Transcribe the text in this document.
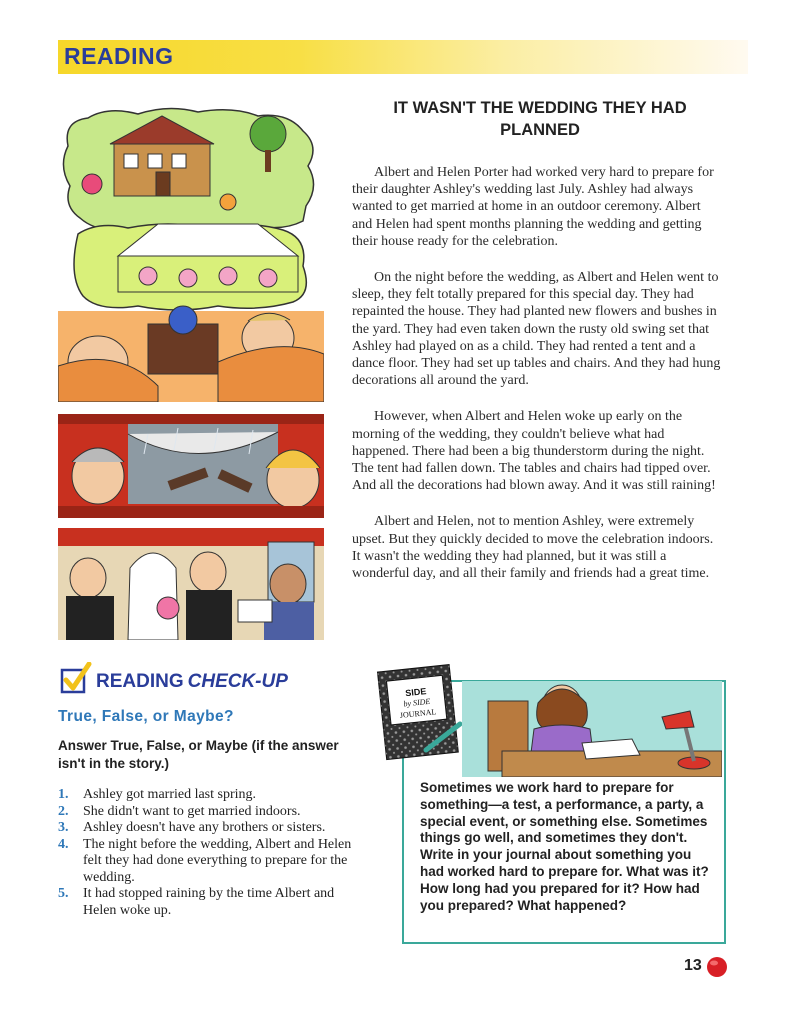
READING
IT WASN'T THE WEDDING THEY HAD PLANNED

Albert and Helen Porter had worked very hard to prepare for their daughter Ashley's wedding last July. Ashley had always wanted to get married at home in an outdoor ceremony. Albert and Helen had spent months planning the wedding and getting their house ready for the celebration.

On the night before the wedding, as Albert and Helen went to sleep, they felt totally prepared for this special day. They had repainted the house. They had planted new flowers and bushes in the yard. They had even taken down the rusty old swing set that Ashley had played on as a child. They had rented a tent and a dance floor. They had set up tables and chairs. And they had hung decorations all around the yard.

However, when Albert and Helen woke up early on the morning of the wedding, they couldn't believe what had happened. There had been a big thunderstorm during the night. The tent had fallen down. The tables and chairs had tipped over. And all the decorations had blown away. And it was still raining!

Albert and Helen, not to mention Ashley, were extremely upset. But they quickly decided to move the celebration indoors. It wasn't the wedding they had planned, but it was still a wonderful day, and all their family and friends had a great time.

READING CHECK-UP
True, False, or Maybe?
Answer True, False, or Maybe (if the answer isn't in the story.)
1. Ashley got married last spring.
2. She didn't want to get married indoors.
3. Ashley doesn't have any brothers or sisters.
4. The night before the wedding, Albert and Helen felt they had done everything to prepare for the wedding.
5. It had stopped raining by the time Albert and Helen woke up.
SIDE
by SIDE
JOURNAL
Sometimes we work hard to prepare for something—a test, a performance, a party, a special event, or something else. Sometimes things go well, and sometimes they don't. Write in your journal about something you had worked hard to prepare for. What was it? How long had you prepared for it? How had you prepared? What happened?
13
